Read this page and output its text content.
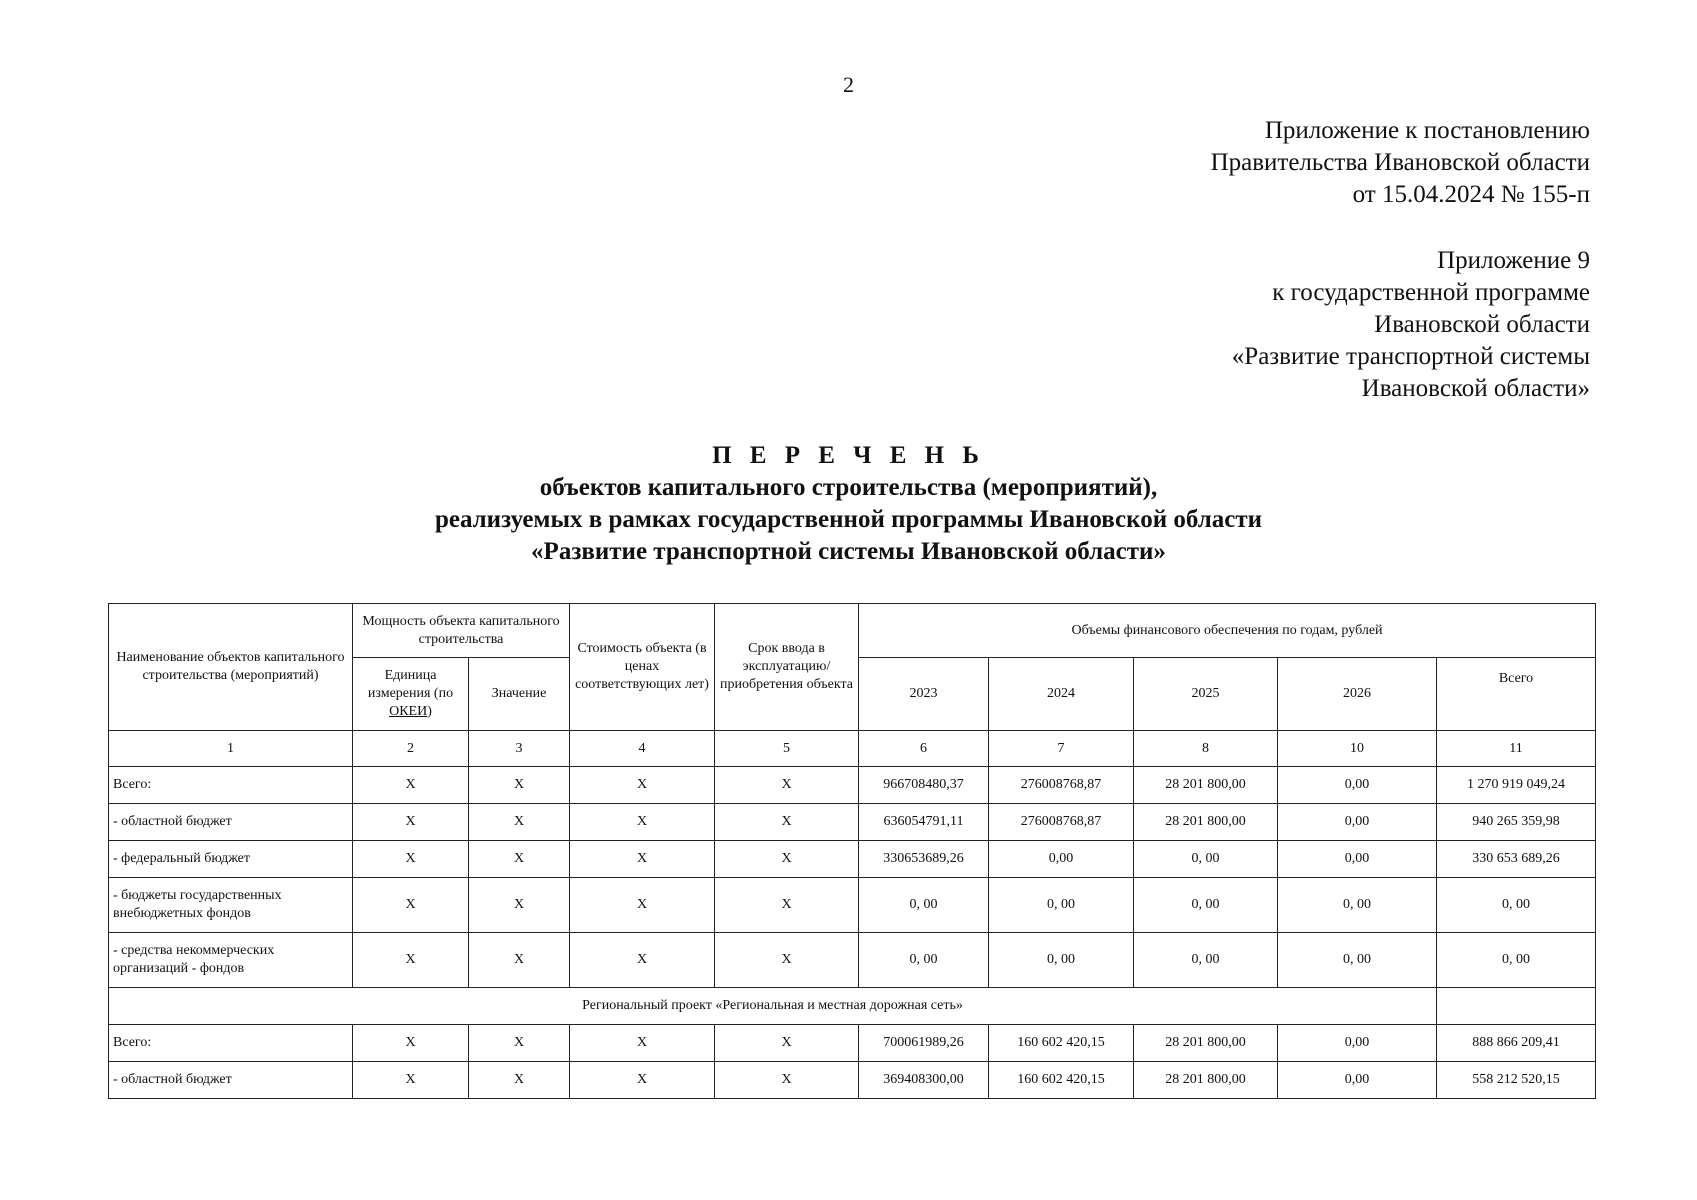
2
Приложение к постановлению
Правительства Ивановской области
от 15.04.2024 № 155-п
Приложение 9
к государственной программе
Ивановской области
«Развитие транспортной системы
Ивановской области»
П Е Р Е Ч Е Н Ь
объектов капитального строительства (мероприятий),
реализуемых в рамках государственной программы Ивановской области
«Развитие транспортной системы Ивановской области»
Наименование объектов капитального строительства (мероприятий)	Мощность объекта капитального строительства		Стоимость объекта (в ценах соответствующих лет)	Срок ввода в эксплуатацию/ приобретения объекта	Объемы финансового обеспечения по годам, рублей				
	Единица измерения (по ОКЕИ)	Значение			2023	2024	2025	2026	Всего
1	2	3	4	5	6	7	8	10	11
Всего:	X	X	X	X	966708480,37	276008768,87	28 201 800,00	0,00	1 270 919 049,24
- областной бюджет	X	X	X	X	636054791,11	276008768,87	28 201 800,00	0,00	940 265 359,98
- федеральный бюджет	X	X	X	X	330653689,26	0,00	0, 00	0,00	330 653 689,26
- бюджеты государственных внебюджетных фондов	X	X	X	X	0, 00	0, 00	0, 00	0, 00	0, 00
- средства некоммерческих организаций - фондов	X	X	X	X	0, 00	0, 00	0, 00	0, 00	0, 00
Региональный проект «Региональная и местная дорожная сеть»									
Всего:	X	X	X	X	700061989,26	160 602 420,15	28 201 800,00	0,00	888 866 209,41
- областной бюджет	X	X	X	X	369408300,00	160 602 420,15	28 201 800,00	0,00	558 212 520,15
